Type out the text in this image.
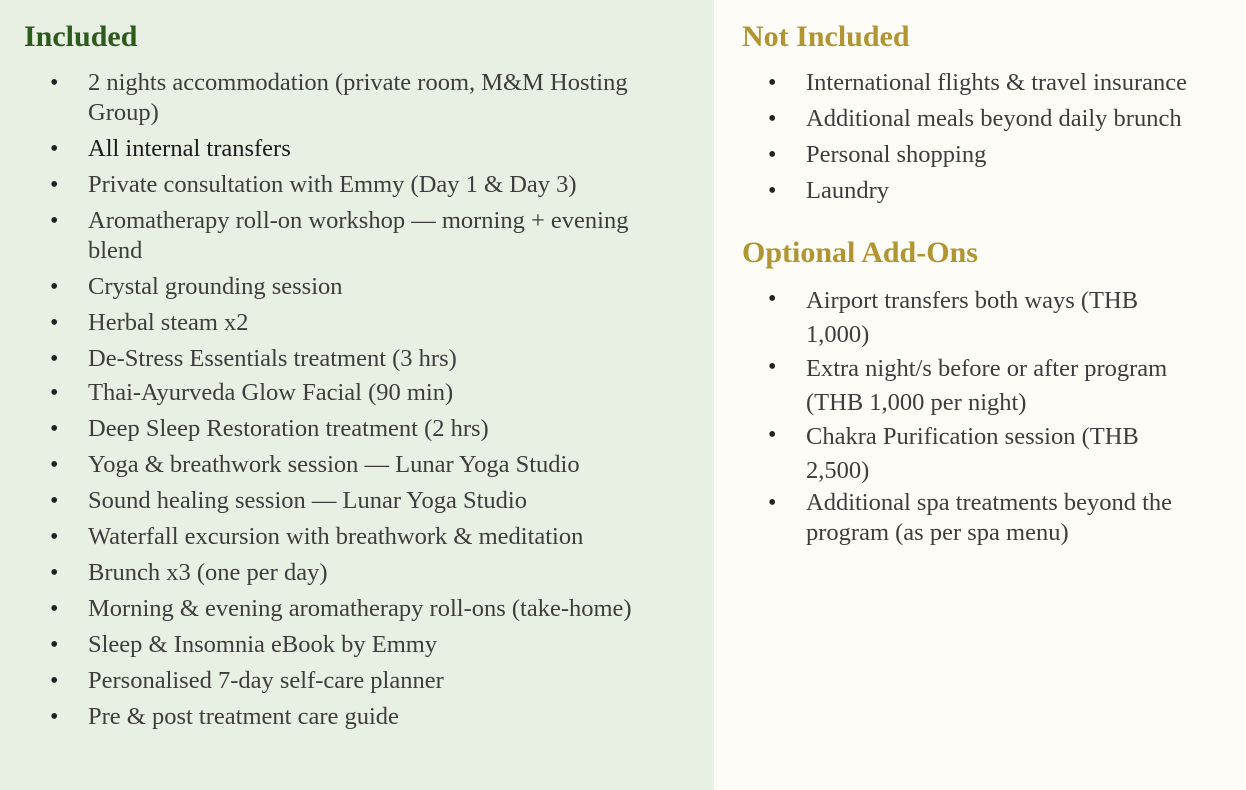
Included
• 2 nights accommodation (private room, M&M Hosting Group)
• All internal transfers
• Private consultation with Emmy (Day 1 & Day 3)
• Aromatherapy roll-on workshop — morning + evening blend
• Crystal grounding session
• Herbal steam x2
• De-Stress Essentials treatment (3 hrs)
• Thai-Ayurveda Glow Facial (90 min)
• Deep Sleep Restoration treatment (2 hrs)
• Yoga & breathwork session — Lunar Yoga Studio
• Sound healing session — Lunar Yoga Studio
• Waterfall excursion with breathwork & meditation
• Brunch x3 (one per day)
• Morning & evening aromatherapy roll-ons (take-home)
• Sleep & Insomnia eBook by Emmy
• Personalised 7-day self-care planner
• Pre & post treatment care guide
Not Included
• International flights & travel insurance
• Additional meals beyond daily brunch
• Personal shopping
• Laundry
Optional Add-Ons
• Airport transfers both ways (THB 1,000)
• Extra night/s before or after program (THB 1,000 per night)
• Chakra Purification session (THB 2,500)
• Additional spa treatments beyond the program (as per spa menu)
